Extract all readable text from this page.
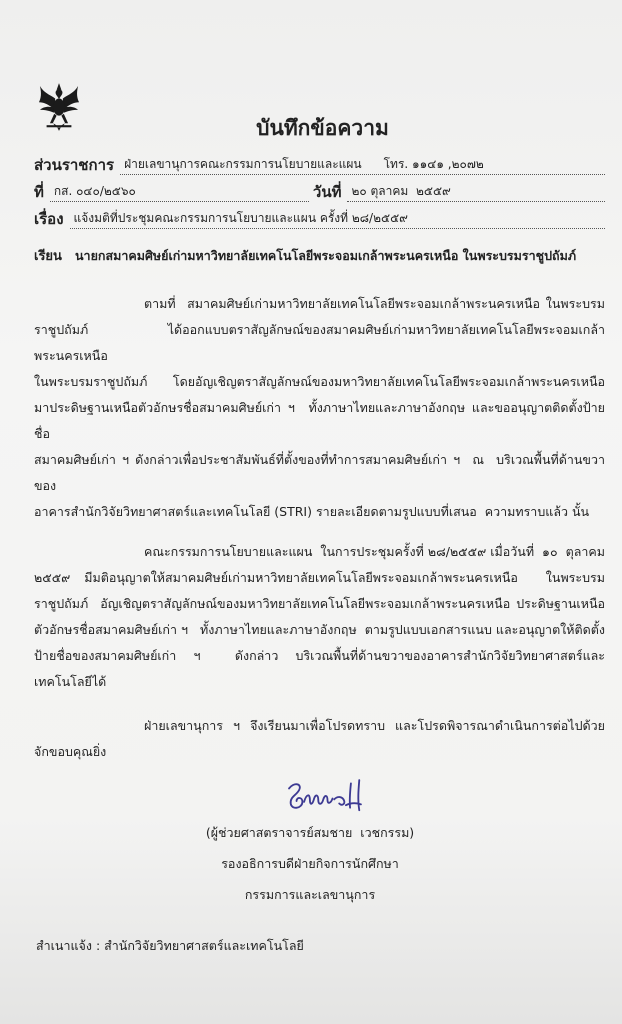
บันทึกข้อความ
ส่วนราชการ ฝ่ายเลขานุการคณะกรรมการนโยบายและแผน โทร. ๑๑๔๑ ,๒๐๗๒
ที่ กส. ๐๔๐/๒๕๖๐	วันที่ ๒๐ ตุลาคม  ๒๕๕๙
เรื่อง แจ้งมติที่ประชุมคณะกรรมการนโยบายและแผน ครั้งที่ ๒๘/๒๕๕๙
เรียน นายกสมาคมศิษย์เก่ามหาวิทยาลัยเทคโนโลยีพระจอมเกล้าพระนครเหนือ ในพระบรมราชูปถัมภ์
ตามที่  สมาคมศิษย์เก่ามหาวิทยาลัยเทคโนโลยีพระจอมเกล้าพระนครเหนือ ในพระบรม
ราชูปถัมภ์  ได้ออกแบบตราสัญลักษณ์ของสมาคมศิษย์เก่ามหาวิทยาลัยเทคโนโลยีพระจอมเกล้าพระนครเหนือ
ในพระบรมราชูปถัมภ์   โดยอัญเชิญตราสัญลักษณ์ของมหาวิทยาลัยเทคโนโลยีพระจอมเกล้าพระนครเหนือ
มาประดิษฐานเหนือตัวอักษรชื่อสมาคมศิษย์เก่า ฯ  ทั้งภาษาไทยและภาษาอังกฤษ และขออนุญาตติดตั้งป้ายชื่อ
สมาคมศิษย์เก่า ฯ ดังกล่าวเพื่อประชาสัมพันธ์ที่ตั้งของที่ทำการสมาคมศิษย์เก่า ฯ  ณ  บริเวณพื้นที่ด้านขวาของ
อาคารสำนักวิจัยวิทยาศาสตร์และเทคโนโลยี (STRI) รายละเอียดตามรูปแบบที่เสนอ  ความทราบแล้ว นั้น
คณะกรรมการนโยบายและแผน  ในการประชุมครั้งที่ ๒๘/๒๕๕๙ เมื่อวันที่  ๑๐  ตุลาคม
๒๕๕๙  มีมติอนุญาตให้สมาคมศิษย์เก่ามหาวิทยาลัยเทคโนโลยีพระจอมเกล้าพระนครเหนือ    ในพระบรม
ราชูปถัมภ์  อัญเชิญตราสัญลักษณ์ของมหาวิทยาลัยเทคโนโลยีพระจอมเกล้าพระนครเหนือ ประดิษฐานเหนือ
ตัวอักษรชื่อสมาคมศิษย์เก่า ฯ   ทั้งภาษาไทยและภาษาอังกฤษ  ตามรูปแบบเอกสารแนบ และอนุญาตให้ติดตั้ง
ป้ายชื่อของสมาคมศิษย์เก่า ฯ  ดังกล่าว บริเวณพื้นที่ด้านขวาของอาคารสำนักวิจัยวิทยาศาสตร์และเทคโนโลยีได้
ฝ่ายเลขานุการ ฯ จึงเรียนมาเพื่อโปรดทราบ และโปรดพิจารณาดำเนินการต่อไปด้วย
จักขอบคุณยิ่ง
(ผู้ช่วยศาสตราจารย์สมชาย  เวชกรรม)
รองอธิการบดีฝ่ายกิจการนักศึกษา
กรรมการและเลขานุการ
สำเนาแจ้ง : สำนักวิจัยวิทยาศาสตร์และเทคโนโลยี
